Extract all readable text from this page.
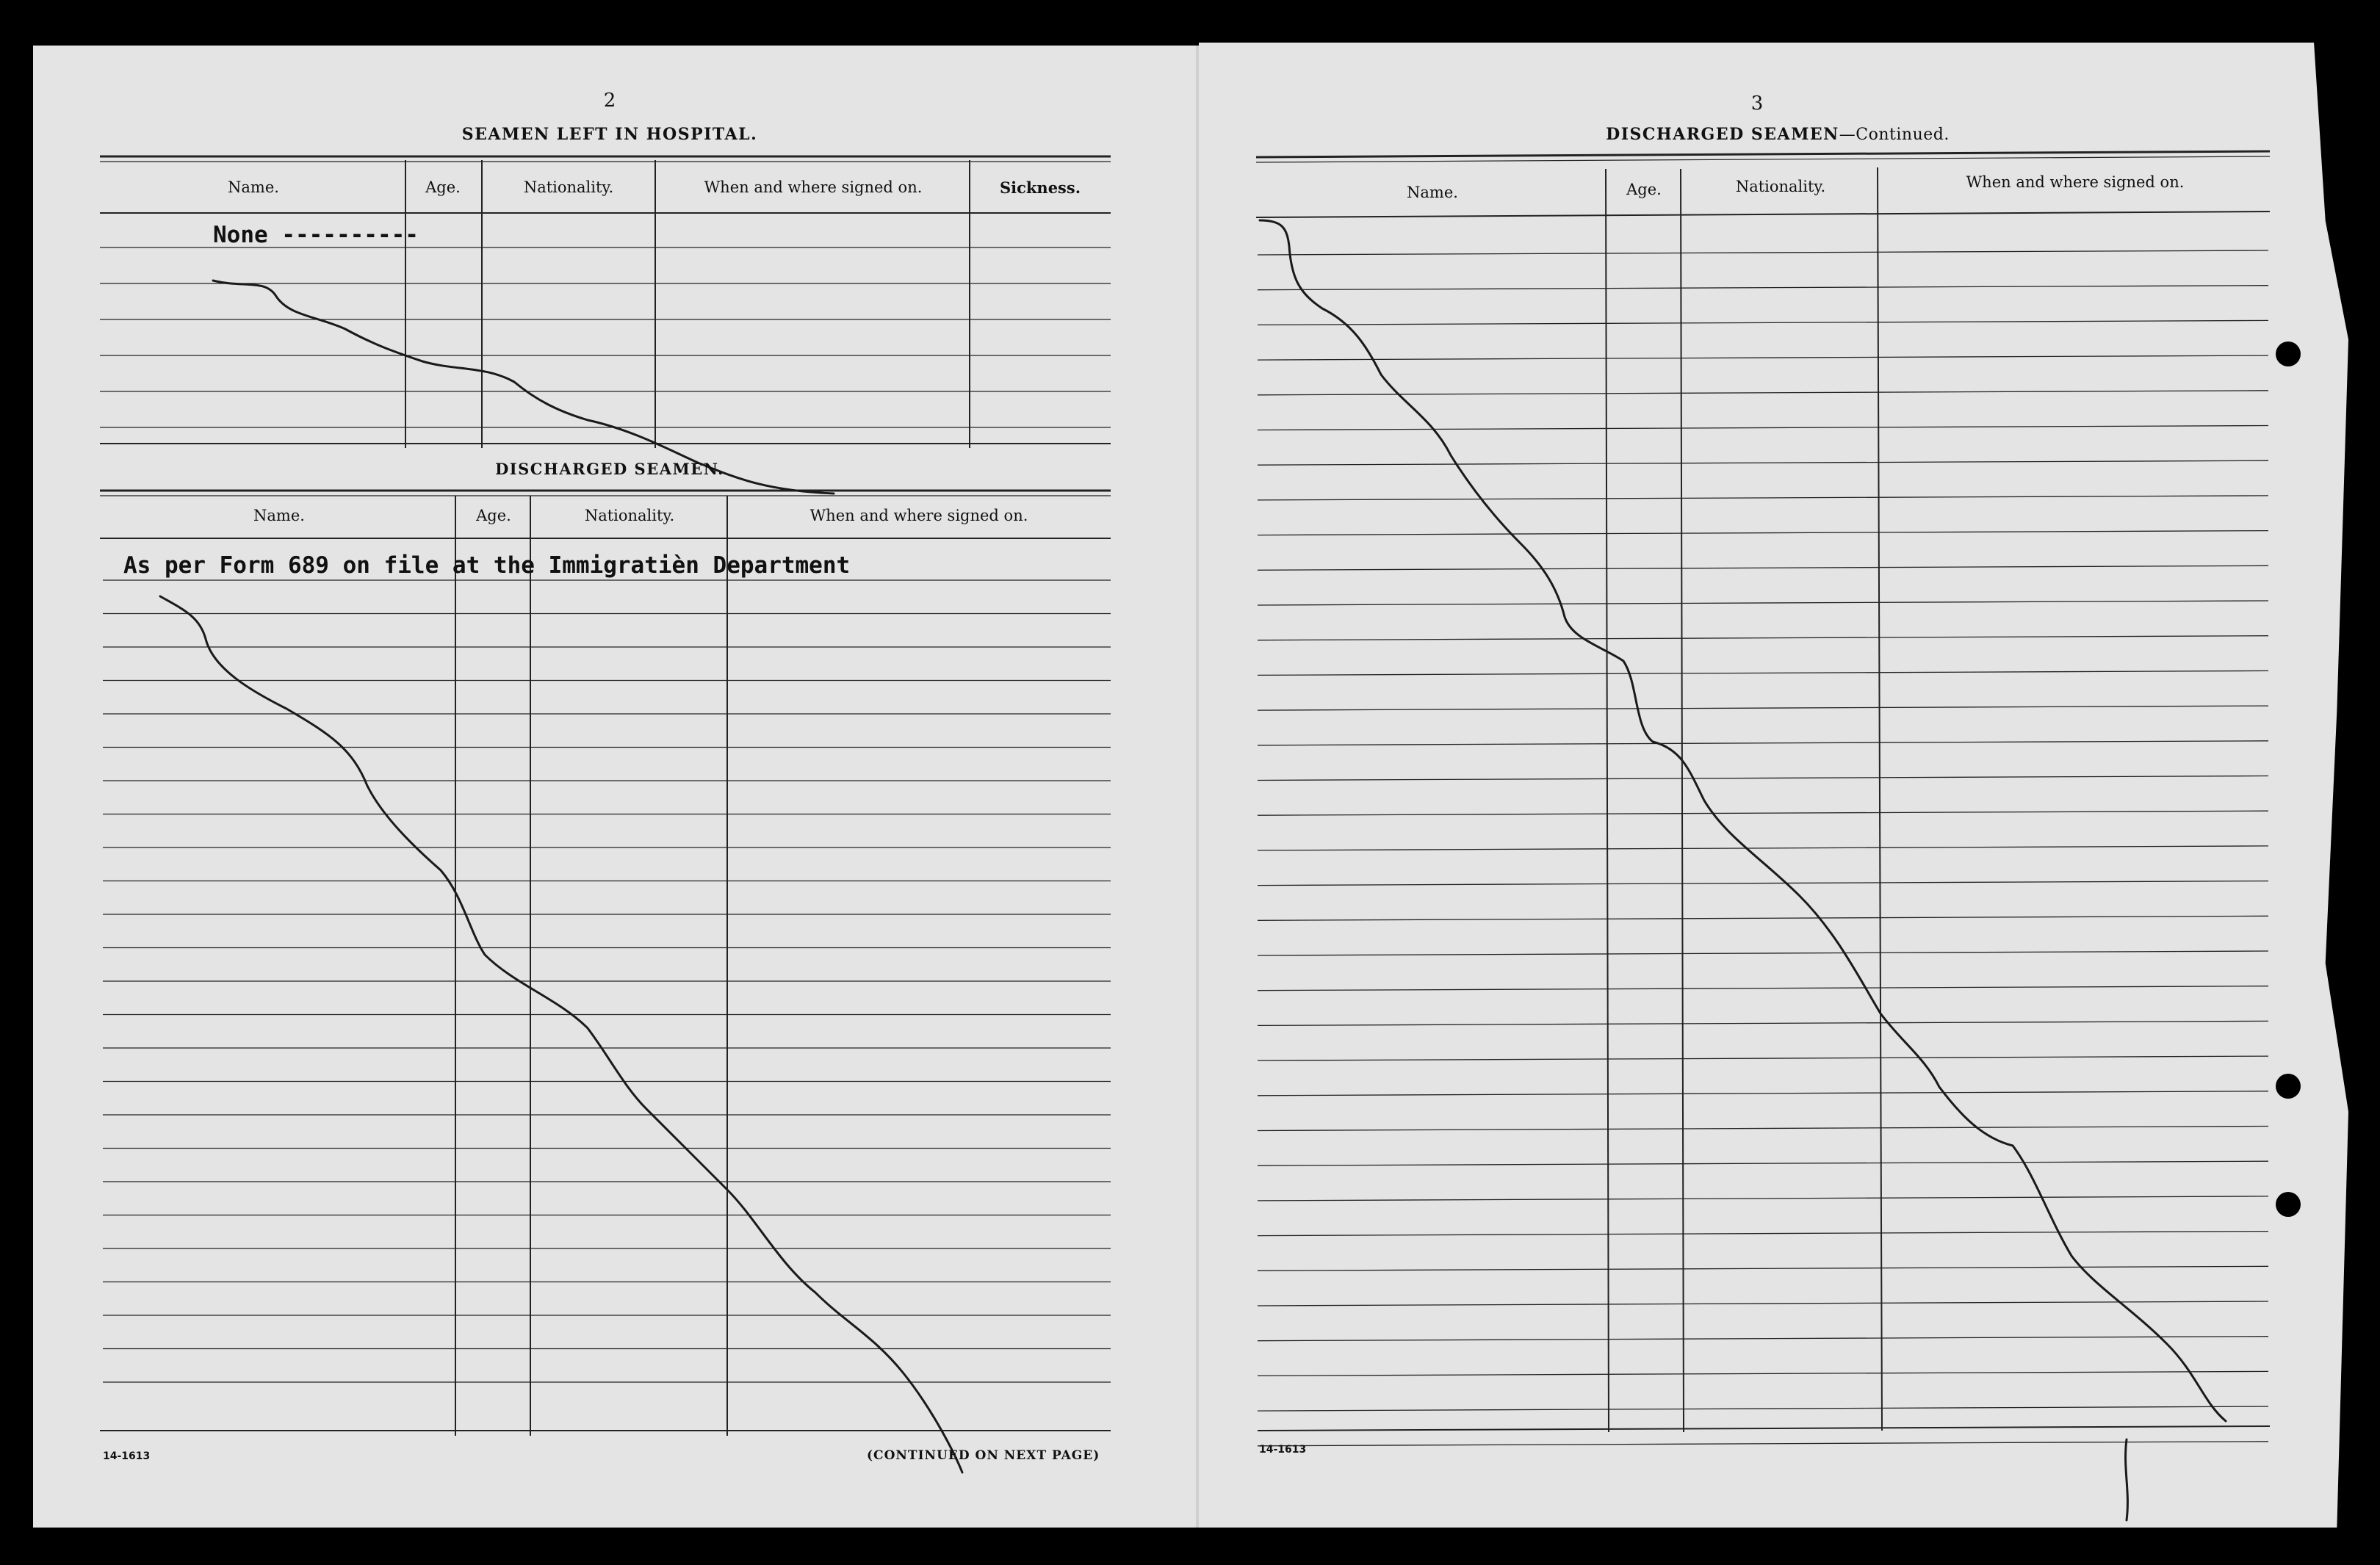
2
SEAMEN LEFT IN HOSPITAL.
Name.	Age.	Nationality.	When and where signed on.	Sickness.
None ----------
DISCHARGED SEAMEN.
Name.	Age.	Nationality.	When and where signed on.
As per Form 689 on file at the Immigratièn Department
14-1613	(CONTINUED ON NEXT PAGE)
3
DISCHARGED SEAMEN—Continued.
Name.	Age.	Nationality.	When and where signed on.
14-1613
